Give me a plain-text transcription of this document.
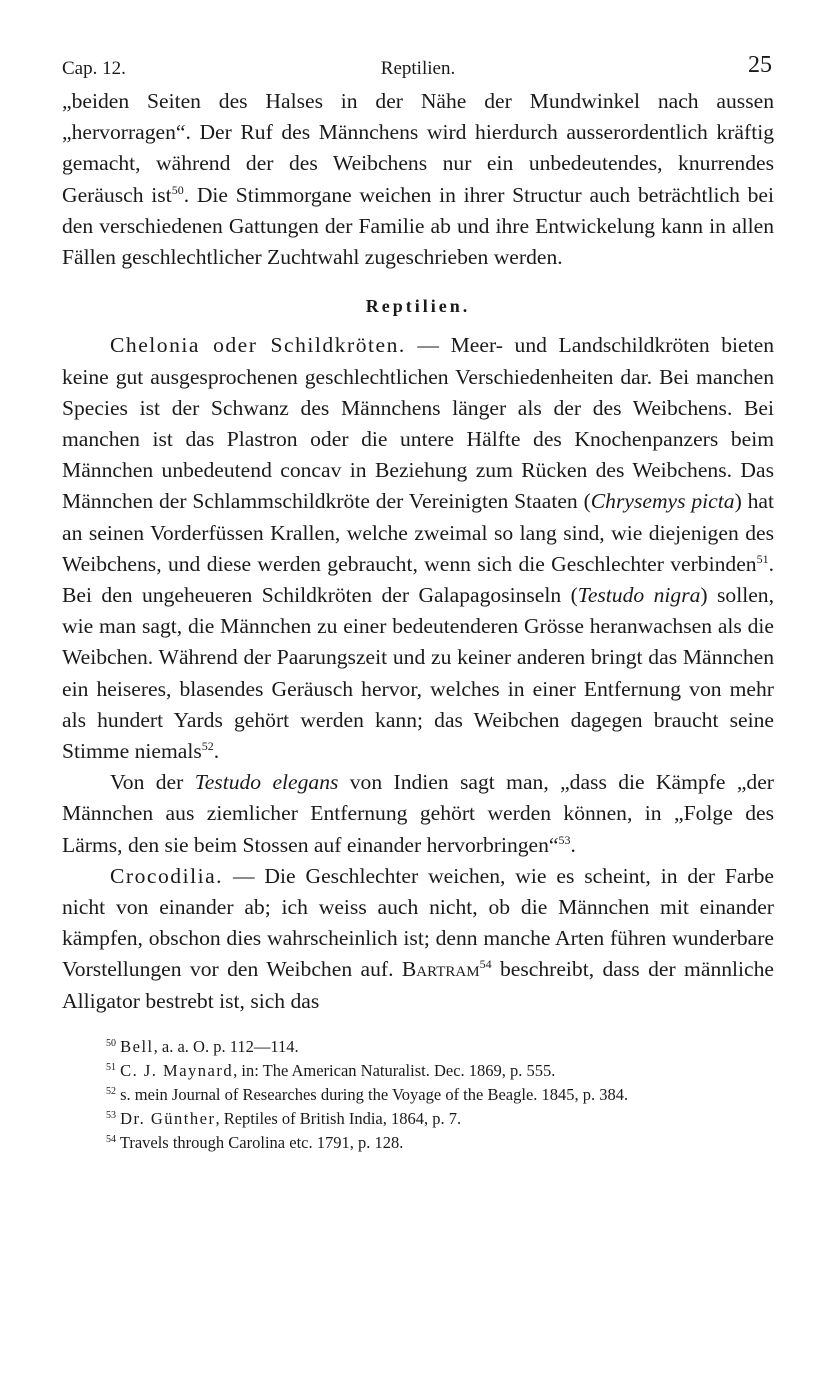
Cap. 12.	Reptilien.	25

„beiden Seiten des Halses in der Nähe der Mundwinkel nach aussen „hervorragen“. Der Ruf des Männchens wird hierdurch ausserordentlich kräftig gemacht, während der des Weibchens nur ein unbedeutendes, knurrendes Geräusch ist$^{50}$. Die Stimmorgane weichen in ihrer Structur auch beträchtlich bei den verschiedenen Gattungen der Familie ab und ihre Entwickelung kann in allen Fällen geschlechtlicher Zuchtwahl zugeschrieben werden.

Reptilien.

Chelonia oder Schildkröten. — Meer- und Landschildkröten bieten keine gut ausgesprochenen geschlechtlichen Verschiedenheiten dar. Bei manchen Species ist der Schwanz des Männchens länger als der des Weibchens. Bei manchen ist das Plastron oder die untere Hälfte des Knochenpanzers beim Männchen unbedeutend concav in Beziehung zum Rücken des Weibchens. Das Männchen der Schlammschildkröte der Vereinigten Staaten (Chrysemys picta) hat an seinen Vorderfüssen Krallen, welche zweimal so lang sind, wie diejenigen des Weibchens, und diese werden gebraucht, wenn sich die Geschlechter verbinden$^{51}$. Bei den ungeheueren Schildkröten der Galapagosinseln (Testudo nigra) sollen, wie man sagt, die Männchen zu einer bedeutenderen Grösse heranwachsen als die Weibchen. Während der Paarungszeit und zu keiner anderen bringt das Männchen ein heiseres, blasendes Geräusch hervor, welches in einer Entfernung von mehr als hundert Yards gehört werden kann; das Weibchen dagegen braucht seine Stimme niemals$^{52}$.

Von der Testudo elegans von Indien sagt man, „dass die Kämpfe „der Männchen aus ziemlicher Entfernung gehört werden können, in „Folge des Lärms, den sie beim Stossen auf einander hervorbringen“$^{53}$.

Crocodilia. — Die Geschlechter weichen, wie es scheint, in der Farbe nicht von einander ab; ich weiss auch nicht, ob die Männchen mit einander kämpfen, obschon dies wahrscheinlich ist; denn manche Arten führen wunderbare Vorstellungen vor den Weibchen auf. Bartram$^{54}$ beschreibt, dass der männliche Alligator bestrebt ist, sich das

$^{50}$ Bell, a. a. O. p. 112—114.

$^{51}$ C. J. Maynard, in: The American Naturalist. Dec. 1869, p. 555.

$^{52}$ s. mein Journal of Researches during the Voyage of the Beagle. 1845, p. 384.

$^{53}$ Dr. Günther, Reptiles of British India, 1864, p. 7.

$^{54}$ Travels through Carolina etc. 1791, p. 128.
